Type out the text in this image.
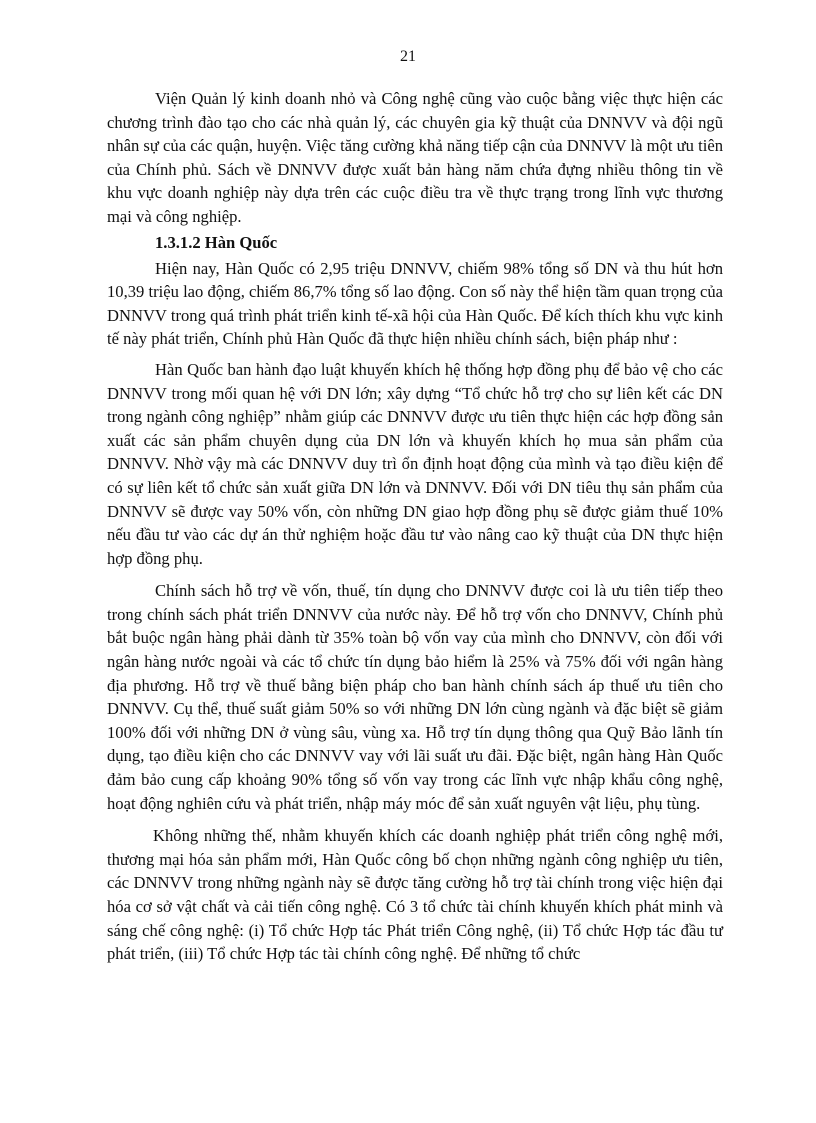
21

Viện Quản lý kinh doanh nhỏ và Công nghệ cũng vào cuộc bằng việc thực hiện các chương trình đào tạo cho các nhà quản lý, các chuyên gia kỹ thuật của DNNVV và đội ngũ nhân sự của các quận, huyện. Việc tăng cường khả năng tiếp cận của DNNVV là một ưu tiên của Chính phủ. Sách về DNNVV được xuất bản hàng năm chứa đựng nhiều thông tin về khu vực doanh nghiệp này dựa trên các cuộc điều tra về thực trạng trong lĩnh vực thương mại và công nghiệp.

1.3.1.2 Hàn Quốc

Hiện nay, Hàn Quốc có 2,95 triệu DNNVV, chiếm 98% tổng số DN và thu hút hơn 10,39 triệu lao động, chiếm 86,7% tổng số lao động. Con số này thể hiện tầm quan trọng của DNNVV trong quá trình phát triển kinh tế-xã hội của Hàn Quốc. Để kích thích khu vực kinh tế này phát triển, Chính phủ Hàn Quốc đã thực hiện nhiều chính sách, biện pháp như :

Hàn Quốc ban hành đạo luật khuyến khích hệ thống hợp đồng phụ để bảo vệ cho các DNNVV trong mối quan hệ với DN lớn; xây dựng “Tổ chức hỗ trợ cho sự liên kết các DN trong ngành công nghiệp” nhằm giúp các DNNVV được ưu tiên thực hiện các hợp đồng sản xuất các sản phẩm chuyên dụng của DN lớn và khuyến khích họ mua sản phẩm của DNNVV. Nhờ vậy mà các DNNVV duy trì ổn định hoạt động của mình và tạo điều kiện để có sự liên kết tổ chức sản xuất giữa DN lớn và DNNVV. Đối với DN tiêu thụ sản phẩm của DNNVV sẽ được vay 50% vốn, còn những DN giao hợp đồng phụ sẽ được giảm thuế 10% nếu đầu tư vào các dự án thử nghiệm hoặc đầu tư vào nâng cao kỹ thuật của DN thực hiện hợp đồng phụ.

Chính sách hỗ trợ về vốn, thuế, tín dụng cho DNNVV được coi là ưu tiên tiếp theo trong chính sách phát triển DNNVV của nước này. Để hỗ trợ vốn cho DNNVV, Chính phủ bắt buộc ngân hàng phải dành từ 35% toàn bộ vốn vay của mình cho DNNVV, còn đối với ngân hàng nước ngoài và các tổ chức tín dụng bảo hiểm là 25% và 75% đối với ngân hàng địa phương. Hỗ trợ về thuế bằng biện pháp cho ban hành chính sách áp thuế ưu tiên cho DNNVV. Cụ thể, thuế suất giảm 50% so với những DN lớn cùng ngành và đặc biệt sẽ giảm 100% đối với những DN ở vùng sâu, vùng xa. Hỗ trợ tín dụng thông qua Quỹ Bảo lãnh tín dụng, tạo điều kiện cho các DNNVV vay với lãi suất ưu đãi. Đặc biệt, ngân hàng Hàn Quốc đảm bảo cung cấp khoảng 90% tổng số vốn vay trong các lĩnh vực nhập khẩu công nghệ, hoạt động nghiên cứu và phát triển, nhập máy móc để sản xuất nguyên vật liệu, phụ tùng.

Không những thế, nhằm khuyến khích các doanh nghiệp phát triển công nghệ mới, thương mại hóa sản phẩm mới, Hàn Quốc công bố chọn những ngành công nghiệp ưu tiên, các DNNVV trong những ngành này sẽ được tăng cường hỗ trợ tài chính trong việc hiện đại hóa cơ sở vật chất và cải tiến công nghệ. Có 3 tổ chức tài chính khuyến khích phát minh và sáng chế công nghệ: (i) Tổ chức Hợp tác Phát triển Công nghệ, (ii) Tổ chức Hợp tác đầu tư phát triển, (iii) Tổ chức Hợp tác tài chính công nghệ. Để những tổ chức
